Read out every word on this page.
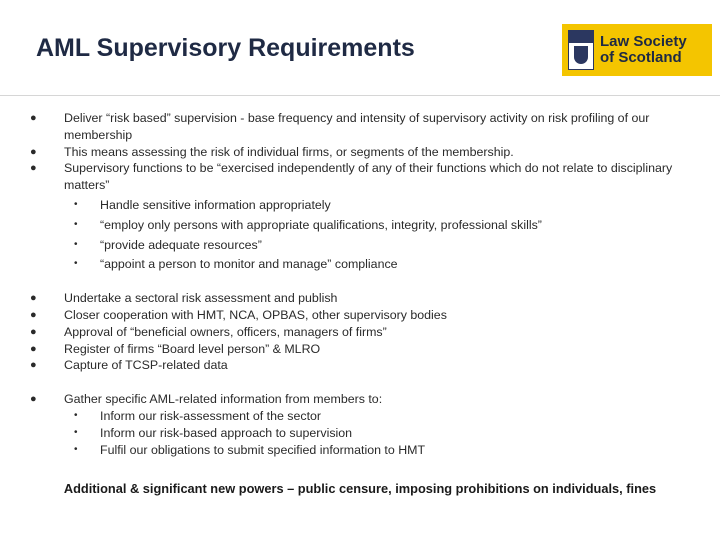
AML Supervisory Requirements	Law Society
of Scotland
● Deliver “risk based” supervision - base frequency and intensity of supervisory activity on risk profiling of our membership
● This means assessing the risk of individual firms, or segments of the membership.
● Supervisory functions to be “exercised independently of any of their functions which do not relate to disciplinary matters”
• Handle sensitive information appropriately
• “employ only persons with appropriate qualifications, integrity, professional skills”
• “provide adequate resources”
• “appoint a person to monitor and manage” compliance
● Undertake a sectoral risk assessment and publish
● Closer cooperation with HMT, NCA, OPBAS, other supervisory bodies
● Approval of “beneficial owners, officers, managers of firms”
● Register of firms “Board level person” & MLRO
● Capture of TCSP-related data
● Gather specific AML-related information from members to:
• Inform our risk-assessment of the sector
• Inform our risk-based approach to supervision
• Fulfil our obligations to submit specified information to HMT
Additional & significant new powers – public censure, imposing prohibitions on individuals, fines
